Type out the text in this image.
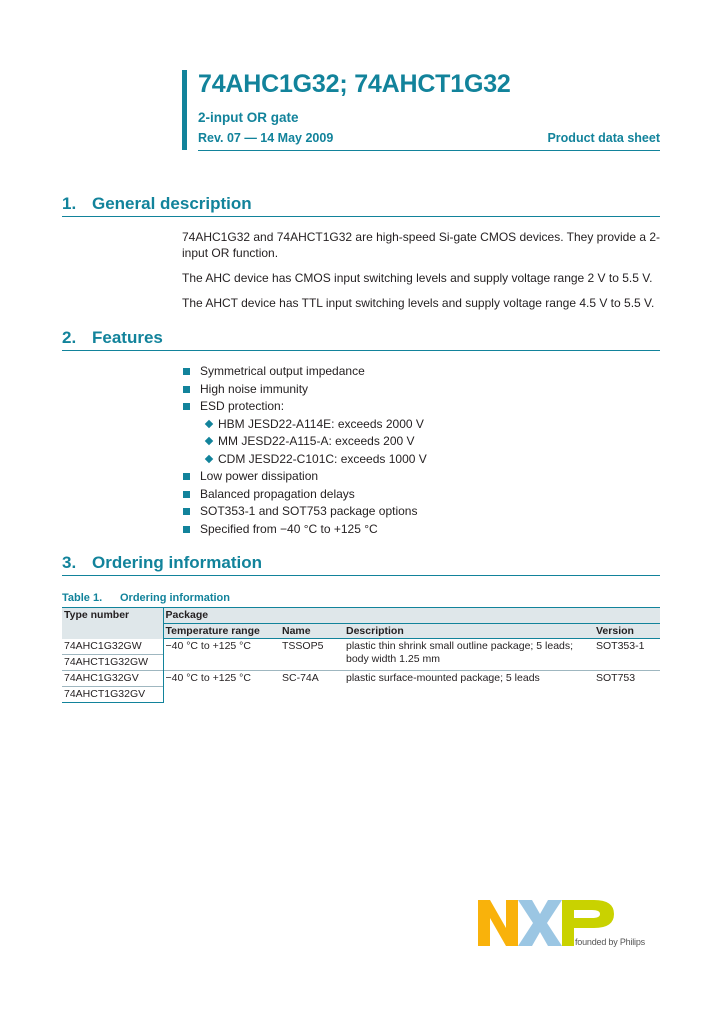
74AHC1G32; 74AHCT1G32
2-input OR gate
Rev. 07 — 14 May 2009	Product data sheet
1. General description
74AHC1G32 and 74AHCT1G32 are high-speed Si-gate CMOS devices. They provide a 2-input OR function.
The AHC device has CMOS input switching levels and supply voltage range 2 V to 5.5 V.
The AHCT device has TTL input switching levels and supply voltage range 4.5 V to 5.5 V.
2. Features
Symmetrical output impedance
High noise immunity
ESD protection:
HBM JESD22-A114E: exceeds 2000 V
MM JESD22-A115-A: exceeds 200 V
CDM JESD22-C101C: exceeds 1000 V
Low power dissipation
Balanced propagation delays
SOT353-1 and SOT753 package options
Specified from −40 °C to +125 °C
3. Ordering information
Table 1. Ordering information
Type number	Package			
	Temperature range	Name	Description	Version
74AHC1G32GW	−40 °C to +125 °C	TSSOP5	plastic thin shrink small outline package; 5 leads; body width 1.25 mm	SOT353-1
74AHCT1G32GW				
74AHC1G32GV	−40 °C to +125 °C	SC-74A	plastic surface-mounted package; 5 leads	SOT753
74AHCT1G32GV				
founded by Philips
